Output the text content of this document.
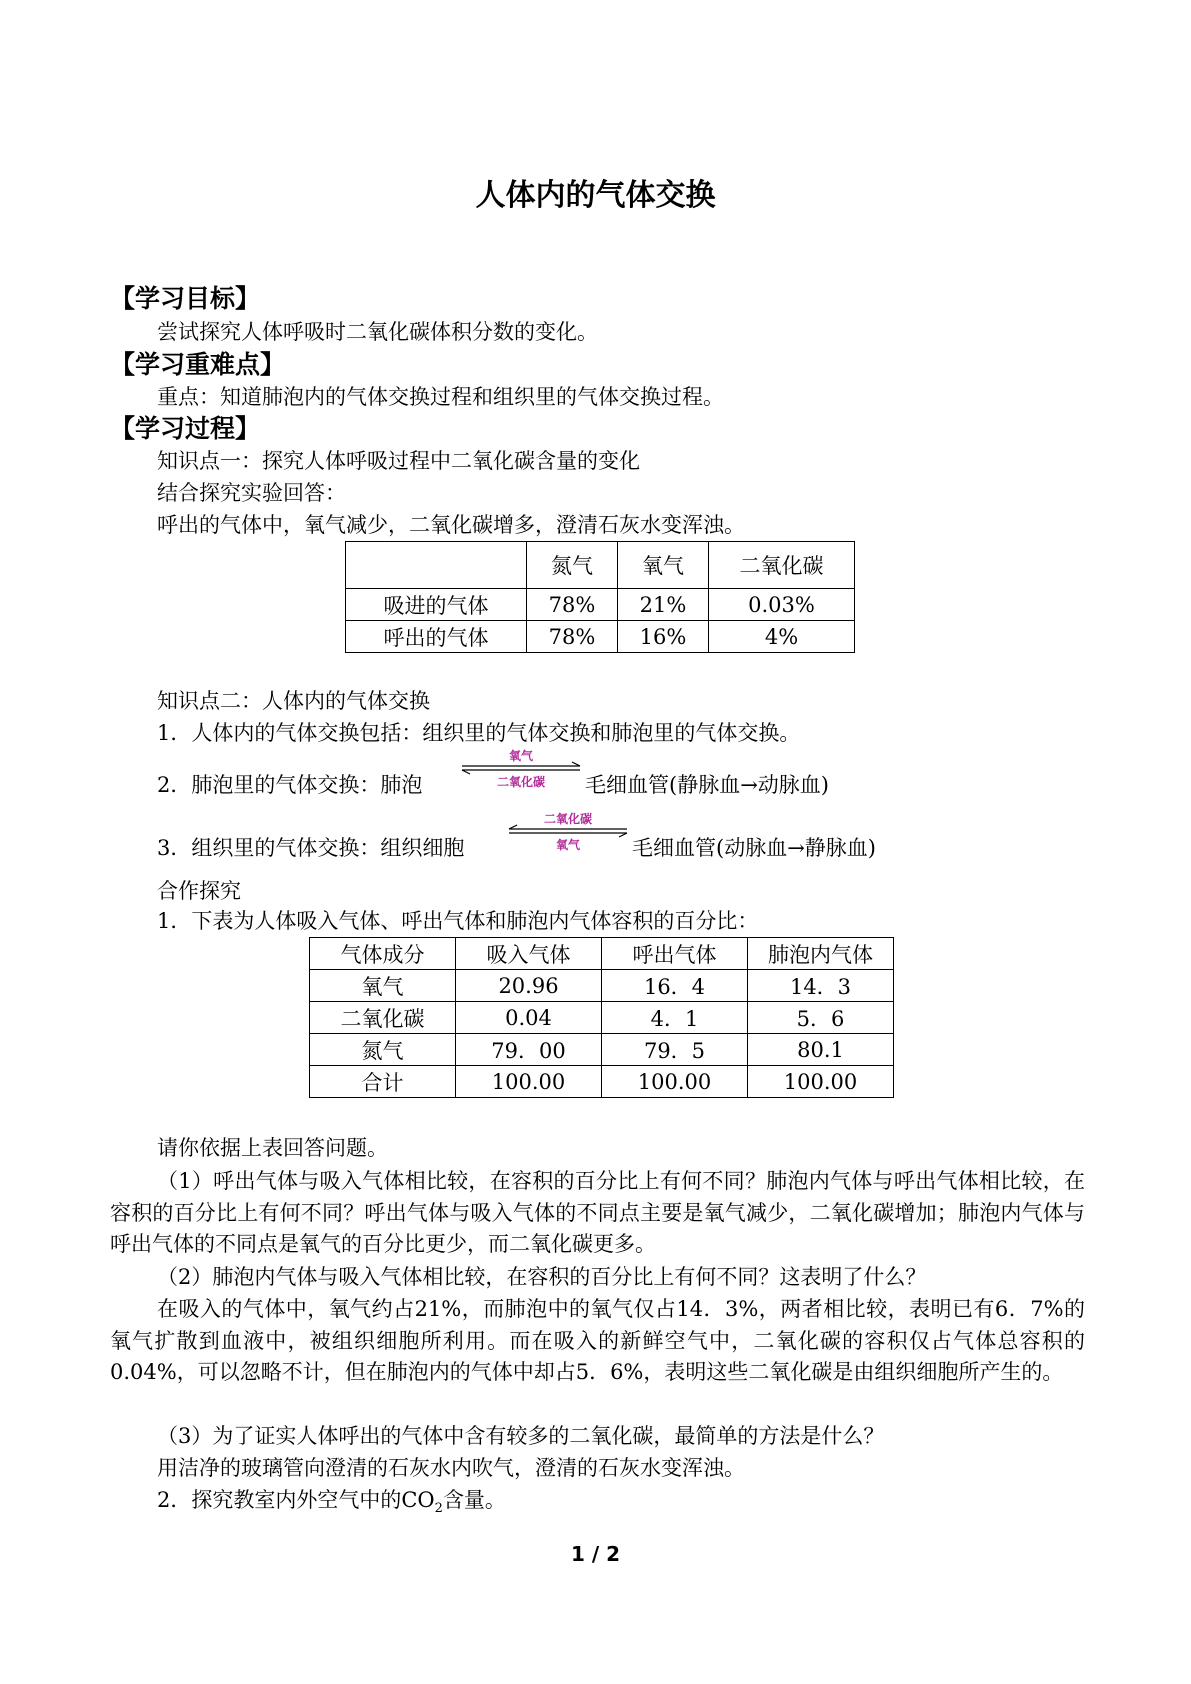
人体内的气体交换
【学习目标】
尝试探究人体呼吸时二氧化碳体积分数的变化。
【学习重难点】
重点：知道肺泡内的气体交换过程和组织里的气体交换过程。
【学习过程】
知识点一：探究人体呼吸过程中二氧化碳含量的变化
结合探究实验回答：
呼出的气体中，氧气减少，二氧化碳增多，澄清石灰水变浑浊。
	氮气	氧气	二氧化碳
吸进的气体	78%	21%	0.03%
呼出的气体	78%	16%	4%
知识点二：人体内的气体交换
1．人体内的气体交换包括：组织里的气体交换和肺泡里的气体交换。
2．肺泡里的气体交换：肺泡
氧气
二氧化碳 毛细血管(静脉血→动脉血)
3．组织里的气体交换：组织细胞
二氧化碳
氧气 毛细血管(动脉血→静脉血)
合作探究
1．下表为人体吸入气体、呼出气体和肺泡内气体容积的百分比：
气体成分	吸入气体	呼出气体	肺泡内气体
氧气	20.96	16．4	14．3
二氧化碳	0.04	4．1	5．6
氮气	79．00	79．5	80.1
合计	100.00	100.00	100.00
请你依据上表回答问题。
（1）呼出气体与吸入气体相比较，在容积的百分比上有何不同？肺泡内气体与呼出气体相比较，在容积的百分比上有何不同？呼出气体与吸入气体的不同点主要是氧气减少，二氧化碳增加；肺泡内气体与呼出气体的不同点是氧气的百分比更少，而二氧化碳更多。
（2）肺泡内气体与吸入气体相比较，在容积的百分比上有何不同？这表明了什么？
在吸入的气体中，氧气约占21%，而肺泡中的氧气仅占14．3%，两者相比较，表明已有6．7%的氧气扩散到血液中，被组织细胞所利用。而在吸入的新鲜空气中，二氧化碳的容积仅占气体总容积的0.04%，可以忽略不计，但在肺泡内的气体中却占5．6%，表明这些二氧化碳是由组织细胞所产生的。
（3）为了证实人体呼出的气体中含有较多的二氧化碳，最简单的方法是什么？
用洁净的玻璃管向澄清的石灰水内吹气，澄清的石灰水变浑浊。
2．探究教室内外空气中的$CO_2$含量。
1 / 2
